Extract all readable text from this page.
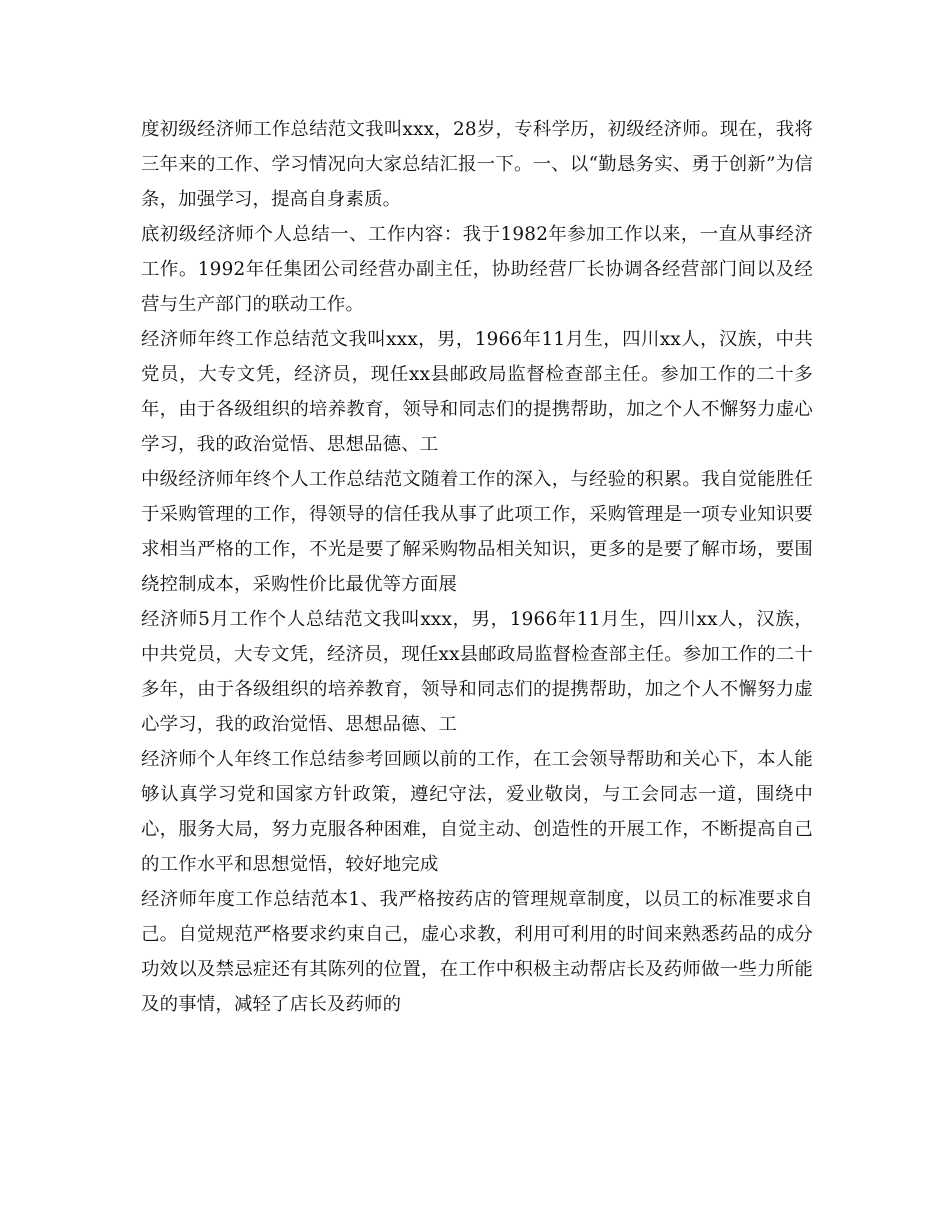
度初级经济师工作总结范文我叫xxx，28岁，专科学历，初级经济师。现在，我将三年来的工作、学习情况向大家总结汇报一下。一、以“勤恳务实、勇于创新”为信条，加强学习，提高自身素质。

底初级经济师个人总结一、工作内容：我于1982年参加工作以来，一直从事经济工作。1992年任集团公司经营办副主任，协助经营厂长协调各经营部门间以及经营与生产部门的联动工作。

经济师年终工作总结范文我叫xxx，男，1966年11月生，四川xx人，汉族，中共党员，大专文凭，经济员，现任xx县邮政局监督检查部主任。参加工作的二十多年，由于各级组织的培养教育，领导和同志们的提携帮助，加之个人不懈努力虚心学习，我的政治觉悟、思想品德、工

中级经济师年终个人工作总结范文随着工作的深入，与经验的积累。我自觉能胜任于采购管理的工作，得领导的信任我从事了此项工作，采购管理是一项专业知识要求相当严格的工作，不光是要了解采购物品相关知识，更多的是要了解市场，要围绕控制成本，采购性价比最优等方面展

经济师5月工作个人总结范文我叫xxx，男，1966年11月生，四川xx人，汉族，中共党员，大专文凭，经济员，现任xx县邮政局监督检查部主任。参加工作的二十多年，由于各级组织的培养教育，领导和同志们的提携帮助，加之个人不懈努力虚心学习，我的政治觉悟、思想品德、工

经济师个人年终工作总结参考回顾以前的工作，在工会领导帮助和关心下，本人能够认真学习党和国家方针政策，遵纪守法，爱业敬岗，与工会同志一道，围绕中心，服务大局，努力克服各种困难，自觉主动、创造性的开展工作，不断提高自己的工作水平和思想觉悟，较好地完成

经济师年度工作总结范本1、我严格按药店的管理规章制度，以员工的标准要求自己。自觉规范严格要求约束自己，虚心求教，利用可利用的时间来熟悉药品的成分功效以及禁忌症还有其陈列的位置，在工作中积极主动帮店长及药师做一些力所能及的事情，减轻了店长及药师的
